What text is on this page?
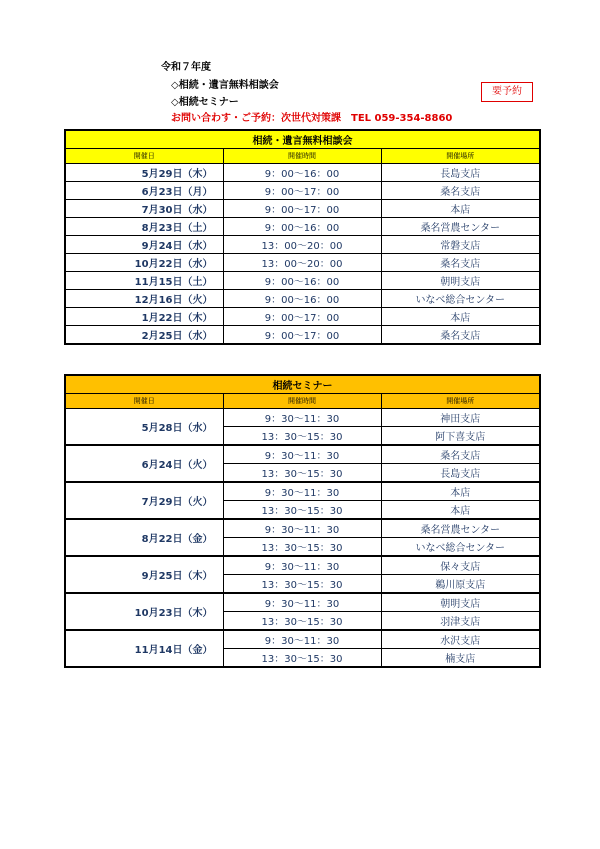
令和７年度
◇相続・遺言無料相談会
◇相続セミナー
お問い合わす・ご予約：次世代対策課　TEL 059-354-8860
要予約
相続・遺言無料相談会		
開催日	開催時間	開催場所
5月29日（木）	9：00～16：00	長島支店
6月23日（月）	9：00～17：00	桑名支店
7月30日（水）	9：00～17：00	本店
8月23日（土）	9：00～16：00	桑名営農センター
9月24日（水）	13：00～20：00	常磐支店
10月22日（水）	13：00～20：00	桑名支店
11月15日（土）	9：00～16：00	朝明支店
12月16日（火）	9：00～16：00	いなべ総合センター
1月22日（木）	9：00～17：00	本店
2月25日（水）	9：00～17：00	桑名支店
相続セミナー		
開催日	開催時間	開催場所
5月28日（水）	9：30～11：30	神田支店
	13：30～15：30	阿下喜支店
6月24日（火）	9：30～11：30	桑名支店
	13：30～15：30	長島支店
7月29日（火）	9：30～11：30	本店
	13：30～15：30	本店
8月22日（金）	9：30～11：30	桑名営農センター
	13：30～15：30	いなべ総合センター
9月25日（木）	9：30～11：30	保々支店
	13：30～15：30	鵜川原支店
10月23日（木）	9：30～11：30	朝明支店
	13：30～15：30	羽津支店
11月14日（金）	9：30～11：30	水沢支店
	13：30～15：30	楠支店
